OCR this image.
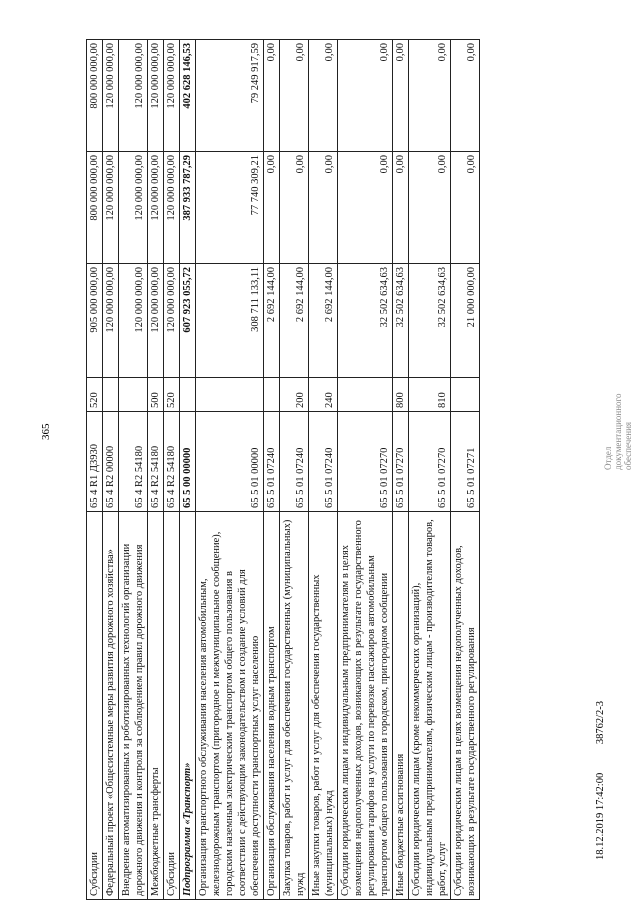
365
Субсидии	65 4 R1 Д3930	520	905 000 000,00	800 000 000,00	800 000 000,00
Федеральный проект «Общесистемные меры развития дорожного хозяйства»	65 4 R2 00000		120 000 000,00	120 000 000,00	120 000 000,00
Внедрение автоматизированных и роботизированных технологий организации дорожного движения и контроля за соблюдением правил дорожного движения	65 4 R2 54180		120 000 000,00	120 000 000,00	120 000 000,00
Межбюджетные трансферты	65 4 R2 54180	500	120 000 000,00	120 000 000,00	120 000 000,00
Субсидии	65 4 R2 54180	520	120 000 000,00	120 000 000,00	120 000 000,00
Подпрограмма «Транспорт»	65 5 00 00000		607 923 055,72	387 933 787,29	402 628 146,53
Организация транспортного обслуживания населения автомобильным, железнодорожным транспортом (пригородное и межмуниципальное сообщение), городским наземным электрическим транспортом общего пользования в соответствии с действующим законодательством и создание условий для обеспечения доступности транспортных услуг населению	65 5 01 00000		308 711 133,11	77 740 309,21	79 249 917,59
Организация обслуживания населения водным транспортом	65 5 01 07240		2 692 144,00	0,00	0,00
Закупка товаров, работ и услуг для обеспечения государственных (муниципальных) нужд	65 5 01 07240	200	2 692 144,00	0,00	0,00
Иные закупки товаров, работ и услуг для обеспечения государственных (муниципальных) нужд	65 5 01 07240	240	2 692 144,00	0,00	0,00
Субсидии юридическим лицам и индивидуальным предпринимателям в целях возмещения недополученных доходов, возникающих в результате государственного регулирования тарифов на услуги по перевозке пассажиров автомобильным транспортом общего пользования в городском, пригородном сообщении	65 5 01 07270		32 502 634,63	0,00	0,00
Иные бюджетные ассигнования	65 5 01 07270	800	32 502 634,63	0,00	0,00
Субсидии юридическим лицам (кроме некоммерческих организаций), индивидуальным предпринимателям, физическим лицам - производителям товаров, работ, услуг	65 5 01 07270	810	32 502 634,63	0,00	0,00
Субсидии юридическим лицам в целях возмещения недополученных доходов, возникающих в результате государственного регулирования	65 5 01 07271		21 000 000,00	0,00	0,00
Отдел документационного обеспечения
18.12.2019 17:42:00 38762/2-3
